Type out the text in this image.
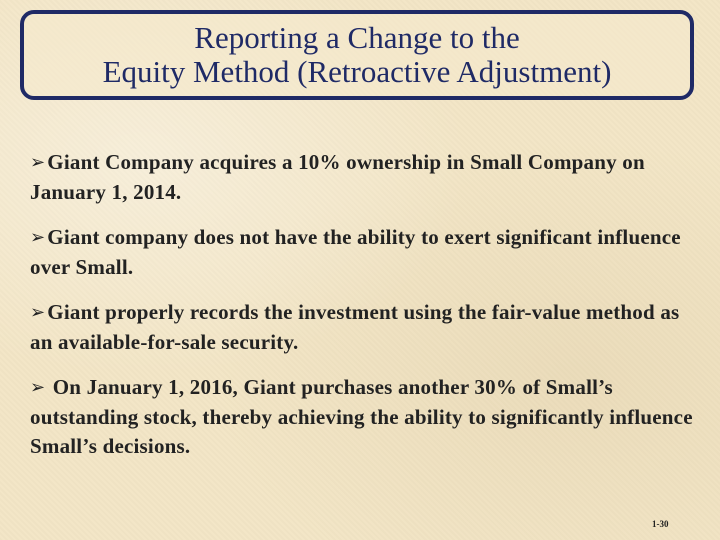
Reporting a Change to the
Equity Method (Retroactive Adjustment)
➢Giant Company acquires a 10% ownership in Small Company on January 1, 2014.
➢Giant company does not have the ability to exert significant influence over Small.
➢Giant properly records the investment using the fair-value method as an available-for-sale security.
➢ On January 1, 2016, Giant purchases another 30% of Small’s outstanding stock, thereby achieving the ability to significantly influence Small’s decisions.
1-30
